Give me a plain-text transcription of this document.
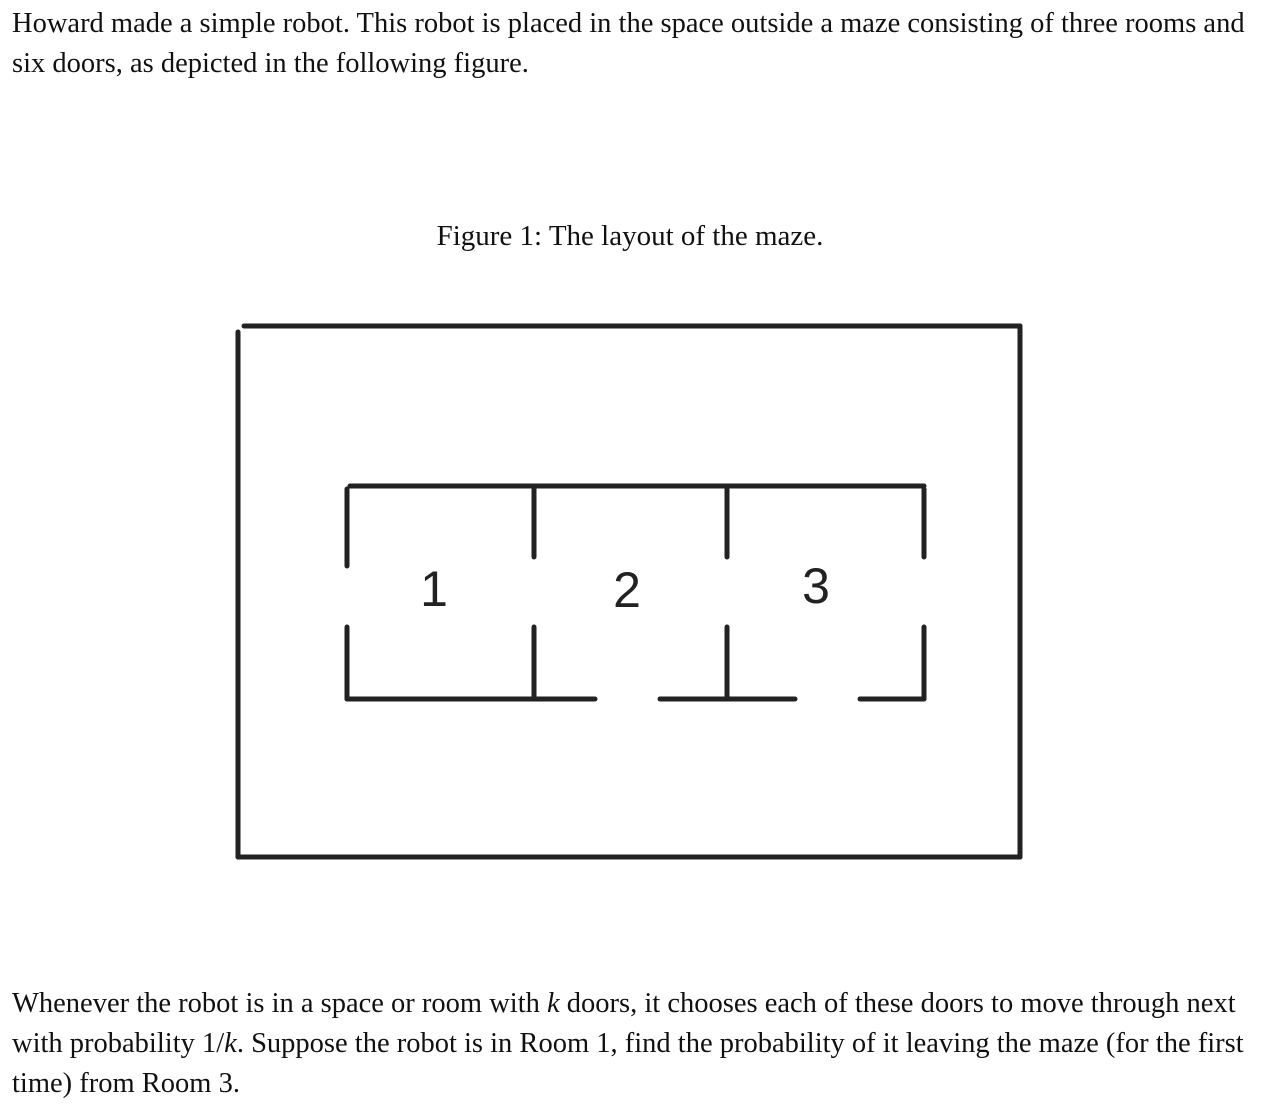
Howard made a simple robot. This robot is placed in the space outside a maze consisting of three rooms and six doors, as depicted in the following figure.

Figure 1: The layout of the maze.

1	2	3

Whenever the robot is in a space or room with k doors, it chooses each of these doors to move through next with probability 1/k. Suppose the robot is in Room 1, find the probability of it leaving the maze (for the first time) from Room 3.
